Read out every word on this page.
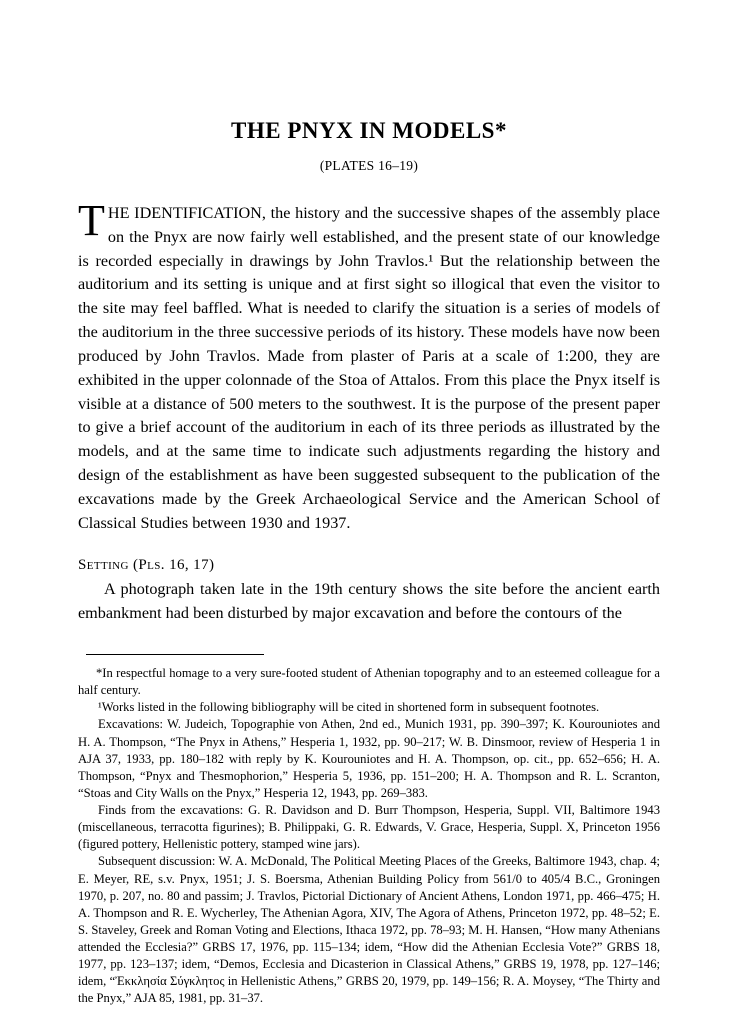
THE PNYX IN MODELS*
(PLATES 16–19)
T HE IDENTIFICATION, the history and the successive shapes of the assembly place on the Pnyx are now fairly well established, and the present state of our knowledge is recorded especially in drawings by John Travlos.¹ But the relationship between the auditorium and its setting is unique and at first sight so illogical that even the visitor to the site may feel baffled. What is needed to clarify the situation is a series of models of the auditorium in the three successive periods of its history. These models have now been produced by John Travlos. Made from plaster of Paris at a scale of 1:200, they are exhibited in the upper colonnade of the Stoa of Attalos. From this place the Pnyx itself is visible at a distance of 500 meters to the southwest. It is the purpose of the present paper to give a brief account of the auditorium in each of its three periods as illustrated by the models, and at the same time to indicate such adjustments regarding the history and design of the establishment as have been suggested subsequent to the publication of the excavations made by the Greek Archaeological Service and the American School of Classical Studies between 1930 and 1937.

Setting (Pls. 16, 17)

A photograph taken late in the 19th century shows the site before the ancient earth embankment had been disturbed by major excavation and before the contours of the

*In respectful homage to a very sure-footed student of Athenian topography and to an esteemed colleague for a half century.

¹Works listed in the following bibliography will be cited in shortened form in subsequent footnotes.

Excavations: W. Judeich, Topographie von Athen, 2nd ed., Munich 1931, pp. 390–397; K. Kourouniotes and H. A. Thompson, “The Pnyx in Athens,” Hesperia 1, 1932, pp. 90–217; W. B. Dinsmoor, review of Hesperia 1 in AJA 37, 1933, pp. 180–182 with reply by K. Kourouniotes and H. A. Thompson, op. cit., pp. 652–656; H. A. Thompson, “Pnyx and Thesmophorion,” Hesperia 5, 1936, pp. 151–200; H. A. Thompson and R. L. Scranton, “Stoas and City Walls on the Pnyx,” Hesperia 12, 1943, pp. 269–383.

Finds from the excavations: G. R. Davidson and D. Burr Thompson, Hesperia, Suppl. VII, Baltimore 1943 (miscellaneous, terracotta figurines); B. Philippaki, G. R. Edwards, V. Grace, Hesperia, Suppl. X, Princeton 1956 (figured pottery, Hellenistic pottery, stamped wine jars).

Subsequent discussion: W. A. McDonald, The Political Meeting Places of the Greeks, Baltimore 1943, chap. 4; E. Meyer, RE, s.v. Pnyx, 1951; J. S. Boersma, Athenian Building Policy from 561/0 to 405/4 B.C., Groningen 1970, p. 207, no. 80 and passim; J. Travlos, Pictorial Dictionary of Ancient Athens, London 1971, pp. 466–475; H. A. Thompson and R. E. Wycherley, The Athenian Agora, XIV, The Agora of Athens, Princeton 1972, pp. 48–52; E. S. Staveley, Greek and Roman Voting and Elections, Ithaca 1972, pp. 78–93; M. H. Hansen, “How many Athenians attended the Ecclesia?” GRBS 17, 1976, pp. 115–134; idem, “How did the Athenian Ecclesia Vote?” GRBS 18, 1977, pp. 123–137; idem, “Demos, Ecclesia and Dicasterion in Classical Athens,” GRBS 19, 1978, pp. 127–146; idem, “Ἐκκλησία Σύγκλητος in Hellenistic Athens,” GRBS 20, 1979, pp. 149–156; R. A. Moysey, “The Thirty and the Pnyx,” AJA 85, 1981, pp. 31–37.
